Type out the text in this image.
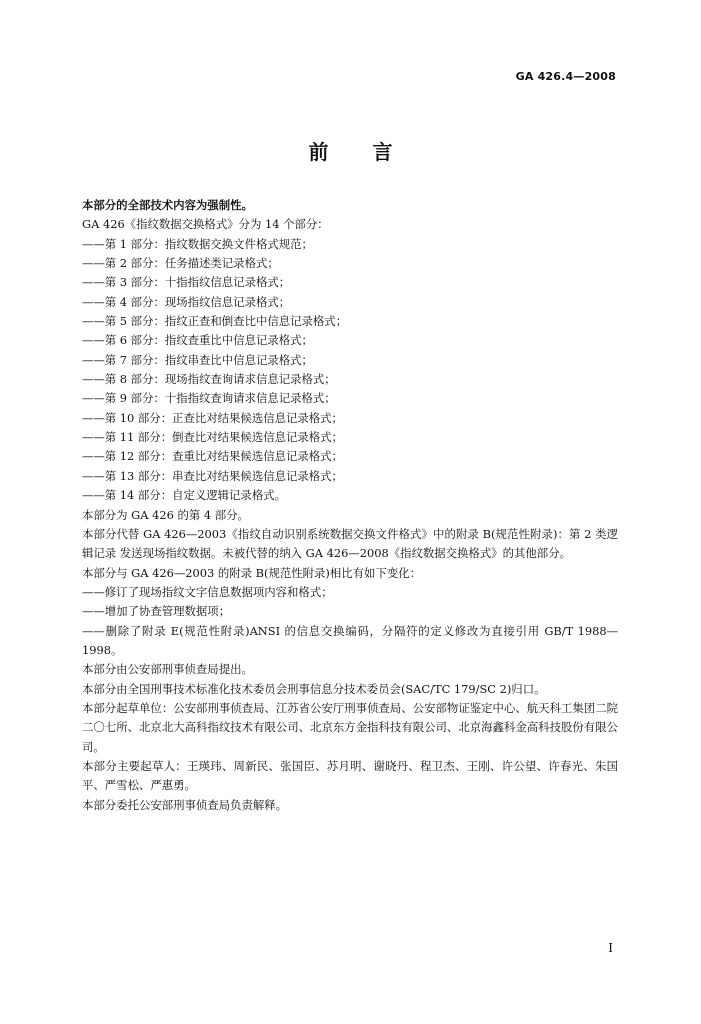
GA 426.4—2008
前 言

本部分的全部技术内容为强制性。

GA 426《指纹数据交换格式》分为 14 个部分：

——第 1 部分：指纹数据交换文件格式规范；

——第 2 部分：任务描述类记录格式；

——第 3 部分：十指指纹信息记录格式；

——第 4 部分：现场指纹信息记录格式；

——第 5 部分：指纹正查和倒查比中信息记录格式；

——第 6 部分：指纹查重比中信息记录格式；

——第 7 部分：指纹串查比中信息记录格式；

——第 8 部分：现场指纹查询请求信息记录格式；

——第 9 部分：十指指纹查询请求信息记录格式；

——第 10 部分：正查比对结果候选信息记录格式；

——第 11 部分：倒查比对结果候选信息记录格式；

——第 12 部分：查重比对结果候选信息记录格式；

——第 13 部分：串查比对结果候选信息记录格式；

——第 14 部分：自定义逻辑记录格式。

本部分为 GA 426 的第 4 部分。

本部分代替 GA 426—2003《指纹自动识别系统数据交换文件格式》中的附录 B(规范性附录)：第 2 类逻辑记录 发送现场指纹数据。未被代替的纳入 GA 426—2008《指纹数据交换格式》的其他部分。

本部分与 GA 426—2003 的附录 B(规范性附录)相比有如下变化：

——修订了现场指纹文字信息数据项内容和格式；

——增加了协查管理数据项；

——删除了附录 E(规范性附录)ANSI 的信息交换编码，分隔符的定义修改为直接引用 GB/T 1988—1998。

本部分由公安部刑事侦查局提出。

本部分由全国刑事技术标准化技术委员会刑事信息分技术委员会(SAC/TC 179/SC 2)归口。

本部分起草单位：公安部刑事侦查局、江苏省公安厅刑事侦查局、公安部物证鉴定中心、航天科工集团二院二〇七所、北京北大高科指纹技术有限公司、北京东方金指科技有限公司、北京海鑫科金高科技股份有限公司。

本部分主要起草人：王瑛玮、周新民、张国臣、苏月明、谢晓丹、程卫杰、王刚、许公望、许春光、朱国平、严雪松、严惠勇。

本部分委托公安部刑事侦查局负责解释。

I
